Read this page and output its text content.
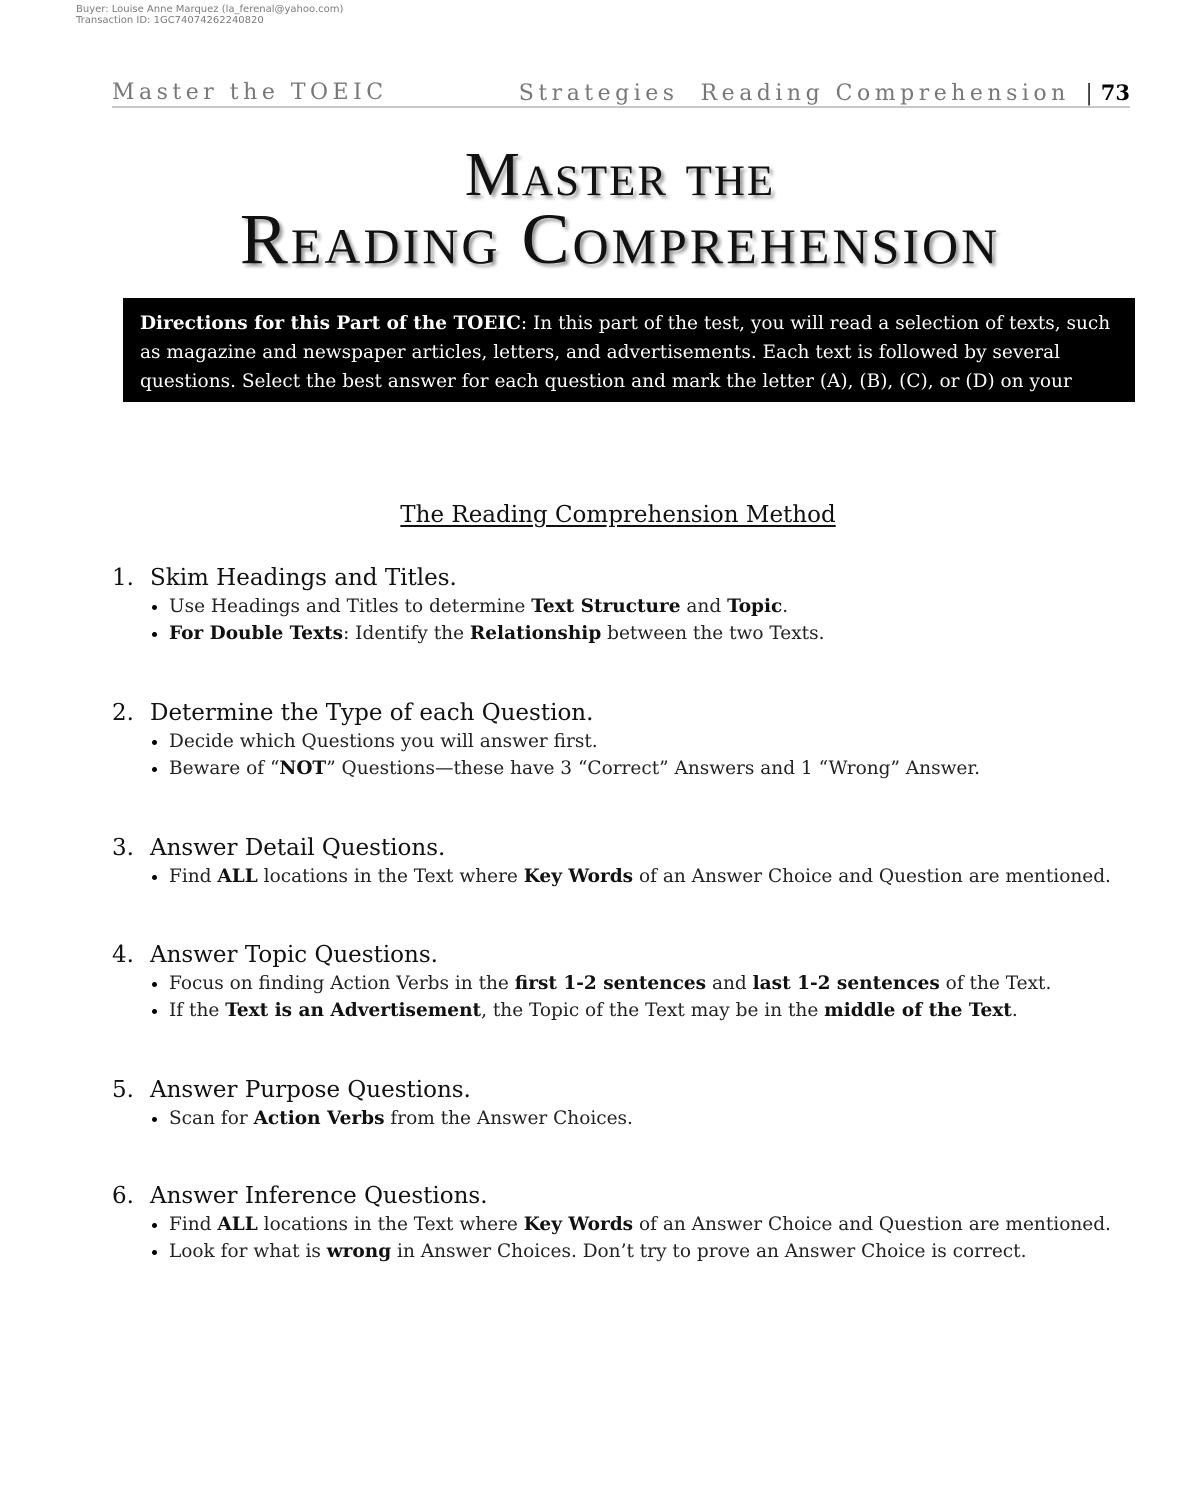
Buyer: Louise Anne Marquez (la_ferenal@yahoo.com)
Transaction ID: 1GC74074262240820
Master the TOEIC	Strategies Reading Comprehension | 73
Master the
Reading Comprehension
Directions for this Part of the TOEIC: In this part of the test, you will read a selection of texts, such as magazine and newspaper articles, letters, and advertisements. Each text is followed by several questions. Select the best answer for each question and mark the letter (A), (B), (C), or (D) on your answer sheet.
The Reading Comprehension Method
1. Skim Headings and Titles.
Use Headings and Titles to determine Text Structure and Topic.
For Double Texts: Identify the Relationship between the two Texts.
2. Determine the Type of each Question.
Decide which Questions you will answer first.
Beware of “NOT” Questions—these have 3 “Correct” Answers and 1 “Wrong” Answer.
3. Answer Detail Questions.
Find ALL locations in the Text where Key Words of an Answer Choice and Question are mentioned.
4. Answer Topic Questions.
Focus on finding Action Verbs in the first 1-2 sentences and last 1-2 sentences of the Text.
If the Text is an Advertisement, the Topic of the Text may be in the middle of the Text.
5. Answer Purpose Questions.
Scan for Action Verbs from the Answer Choices.
6. Answer Inference Questions.
Find ALL locations in the Text where Key Words of an Answer Choice and Question are mentioned.
Look for what is wrong in Answer Choices. Don’t try to prove an Answer Choice is correct.
